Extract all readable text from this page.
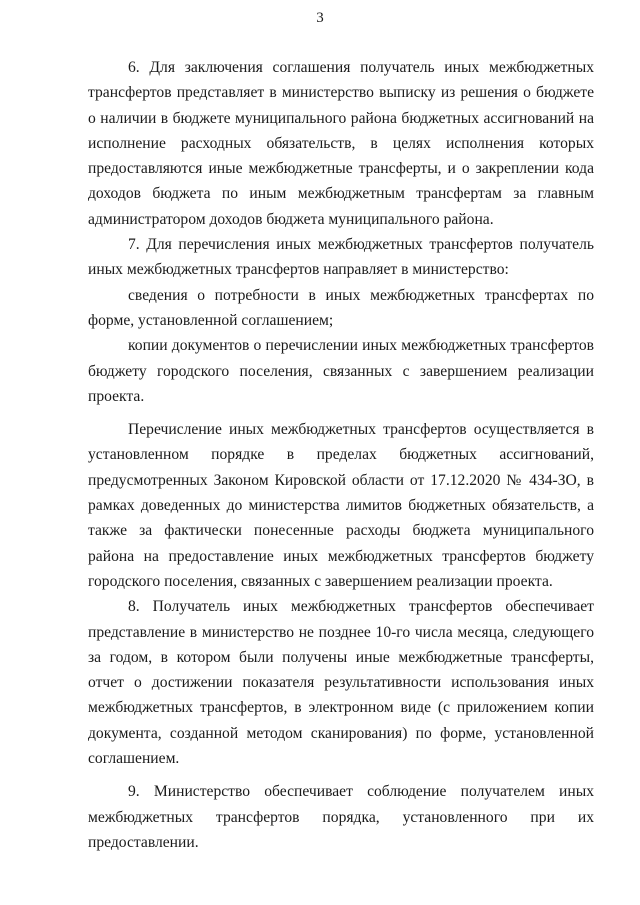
3

6. Для заключения соглашения получатель иных межбюджетных трансфертов представляет в министерство выписку из решения о бюджете о наличии в бюджете муниципального района бюджетных ассигнований на исполнение расходных обязательств, в целях исполнения которых предоставляются иные межбюджетные трансферты, и о закреплении кода доходов бюджета по иным межбюджетным трансфертам за главным администратором доходов бюджета муниципального района.

7. Для перечисления иных межбюджетных трансфертов получатель иных межбюджетных трансфертов направляет в министерство:

сведения о потребности в иных межбюджетных трансфертах по форме, установленной соглашением;

копии документов о перечислении иных межбюджетных трансфертов бюджету городского поселения, связанных с завершением реализации проекта.

Перечисление иных межбюджетных трансфертов осуществляется в установленном порядке в пределах бюджетных ассигнований, предусмотренных Законом Кировской области от 17.12.2020 № 434-ЗО, в рамках доведенных до министерства лимитов бюджетных обязательств, а также за фактически понесенные расходы бюджета муниципального района на предоставление иных межбюджетных трансфертов бюджету городского поселения, связанных с завершением реализации проекта.

8. Получатель иных межбюджетных трансфертов обеспечивает представление в министерство не позднее 10-го числа месяца, следующего за годом, в котором были получены иные межбюджетные трансферты, отчет о достижении показателя результативности использования иных межбюджетных трансфертов, в электронном виде (с приложением копии документа, созданной методом сканирования) по форме, установленной соглашением.

9. Министерство обеспечивает соблюдение получателем иных межбюджетных трансфертов порядка, установленного при их предоставлении.
